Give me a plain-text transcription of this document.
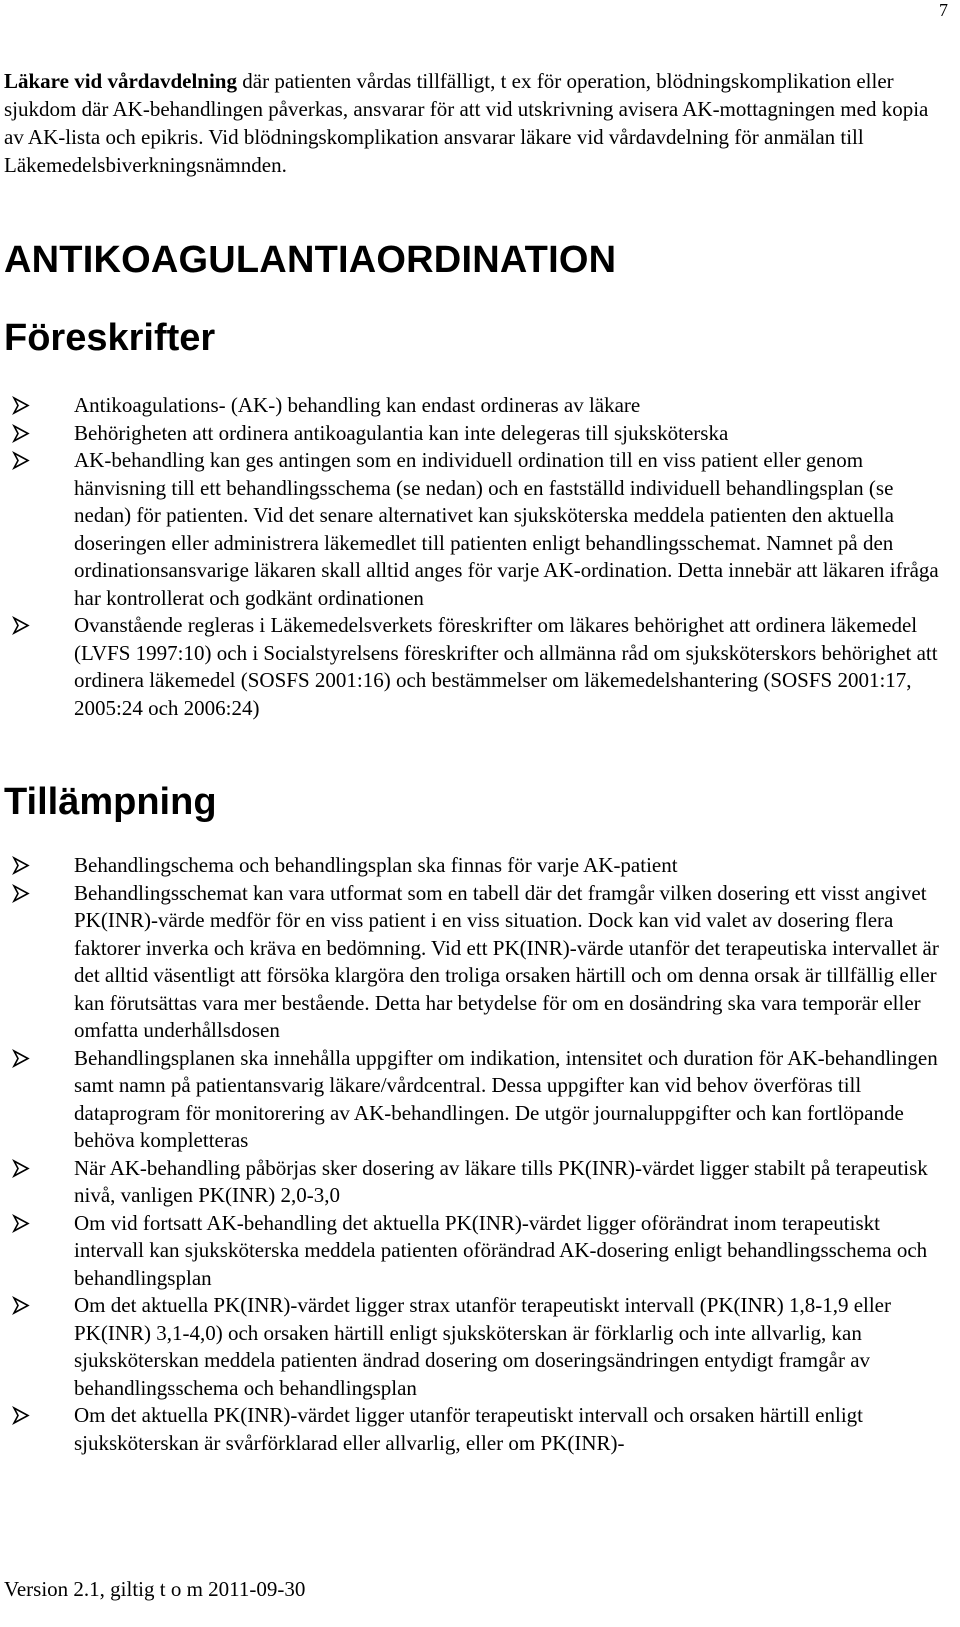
7

Läkare vid vårdavdelning där patienten vårdas tillfälligt, t ex för operation, blödningskomplikation eller sjukdom där AK-behandlingen påverkas, ansvarar för att vid utskrivning avisera AK-mottagningen med kopia av AK-lista och epikris. Vid blödningskomplikation ansvarar läkare vid vårdavdelning för anmälan till Läkemedelsbiverkningsnämnden.

ANTIKOAGULANTIAORDINATION
Föreskrifter
Antikoagulations- (AK-) behandling kan endast ordineras av läkare
Behörigheten att ordinera antikoagulantia kan inte delegeras till sjuksköterska
AK-behandling kan ges antingen som en individuell ordination till en viss patient eller genom hänvisning till ett behandlingsschema (se nedan) och en fastställd individuell behandlingsplan (se nedan) för patienten. Vid det senare alternativet kan sjuksköterska meddela patienten den aktuella doseringen eller administrera läkemedlet till patienten enligt behandlingsschemat. Namnet på den ordinationsansvarige läkaren skall alltid anges för varje AK-ordination. Detta innebär att läkaren ifråga har kontrollerat och godkänt ordinationen
Ovanstående regleras i Läkemedelsverkets föreskrifter om läkares behörighet att ordinera läkemedel (LVFS 1997:10) och i Socialstyrelsens föreskrifter och allmänna råd om sjuksköterskors behörighet att ordinera läkemedel (SOSFS 2001:16) och bestämmelser om läkemedelshantering (SOSFS 2001:17, 2005:24 och 2006:24)
Tillämpning
Behandlingschema och behandlingsplan ska finnas för varje AK-patient
Behandlingsschemat kan vara utformat som en tabell där det framgår vilken dosering ett visst angivet PK(INR)-värde medför för en viss patient i en viss situation. Dock kan vid valet av dosering flera faktorer inverka och kräva en bedömning. Vid ett PK(INR)-värde utanför det terapeutiska intervallet är det alltid väsentligt att försöka klargöra den troliga orsaken härtill och om denna orsak är tillfällig eller kan förutsättas vara mer bestående. Detta har betydelse för om en dosändring ska vara temporär eller omfatta underhållsdosen
Behandlingsplanen ska innehålla uppgifter om indikation, intensitet och duration för AK-behandlingen samt namn på patientansvarig läkare/vårdcentral. Dessa uppgifter kan vid behov överföras till dataprogram för monitorering av AK-behandlingen. De utgör journaluppgifter och kan fortlöpande behöva kompletteras
När AK-behandling påbörjas sker dosering av läkare tills PK(INR)-värdet ligger stabilt på terapeutisk nivå, vanligen PK(INR) 2,0-3,0
Om vid fortsatt AK-behandling det aktuella PK(INR)-värdet ligger oförändrat inom terapeutiskt intervall kan sjuksköterska meddela patienten oförändrad AK-dosering enligt behandlingsschema och behandlingsplan
Om det aktuella PK(INR)-värdet ligger strax utanför terapeutiskt intervall (PK(INR) 1,8-1,9 eller PK(INR) 3,1-4,0) och orsaken härtill enligt sjuksköterskan är förklarlig och inte allvarlig, kan sjuksköterskan meddela patienten ändrad dosering om doseringsändringen entydigt framgår av behandlingsschema och behandlingsplan
Om det aktuella PK(INR)-värdet ligger utanför terapeutiskt intervall och orsaken härtill enligt sjuksköterskan är svårförklarad eller allvarlig, eller om PK(INR)-
Version 2.1, giltig t o m 2011-09-30
